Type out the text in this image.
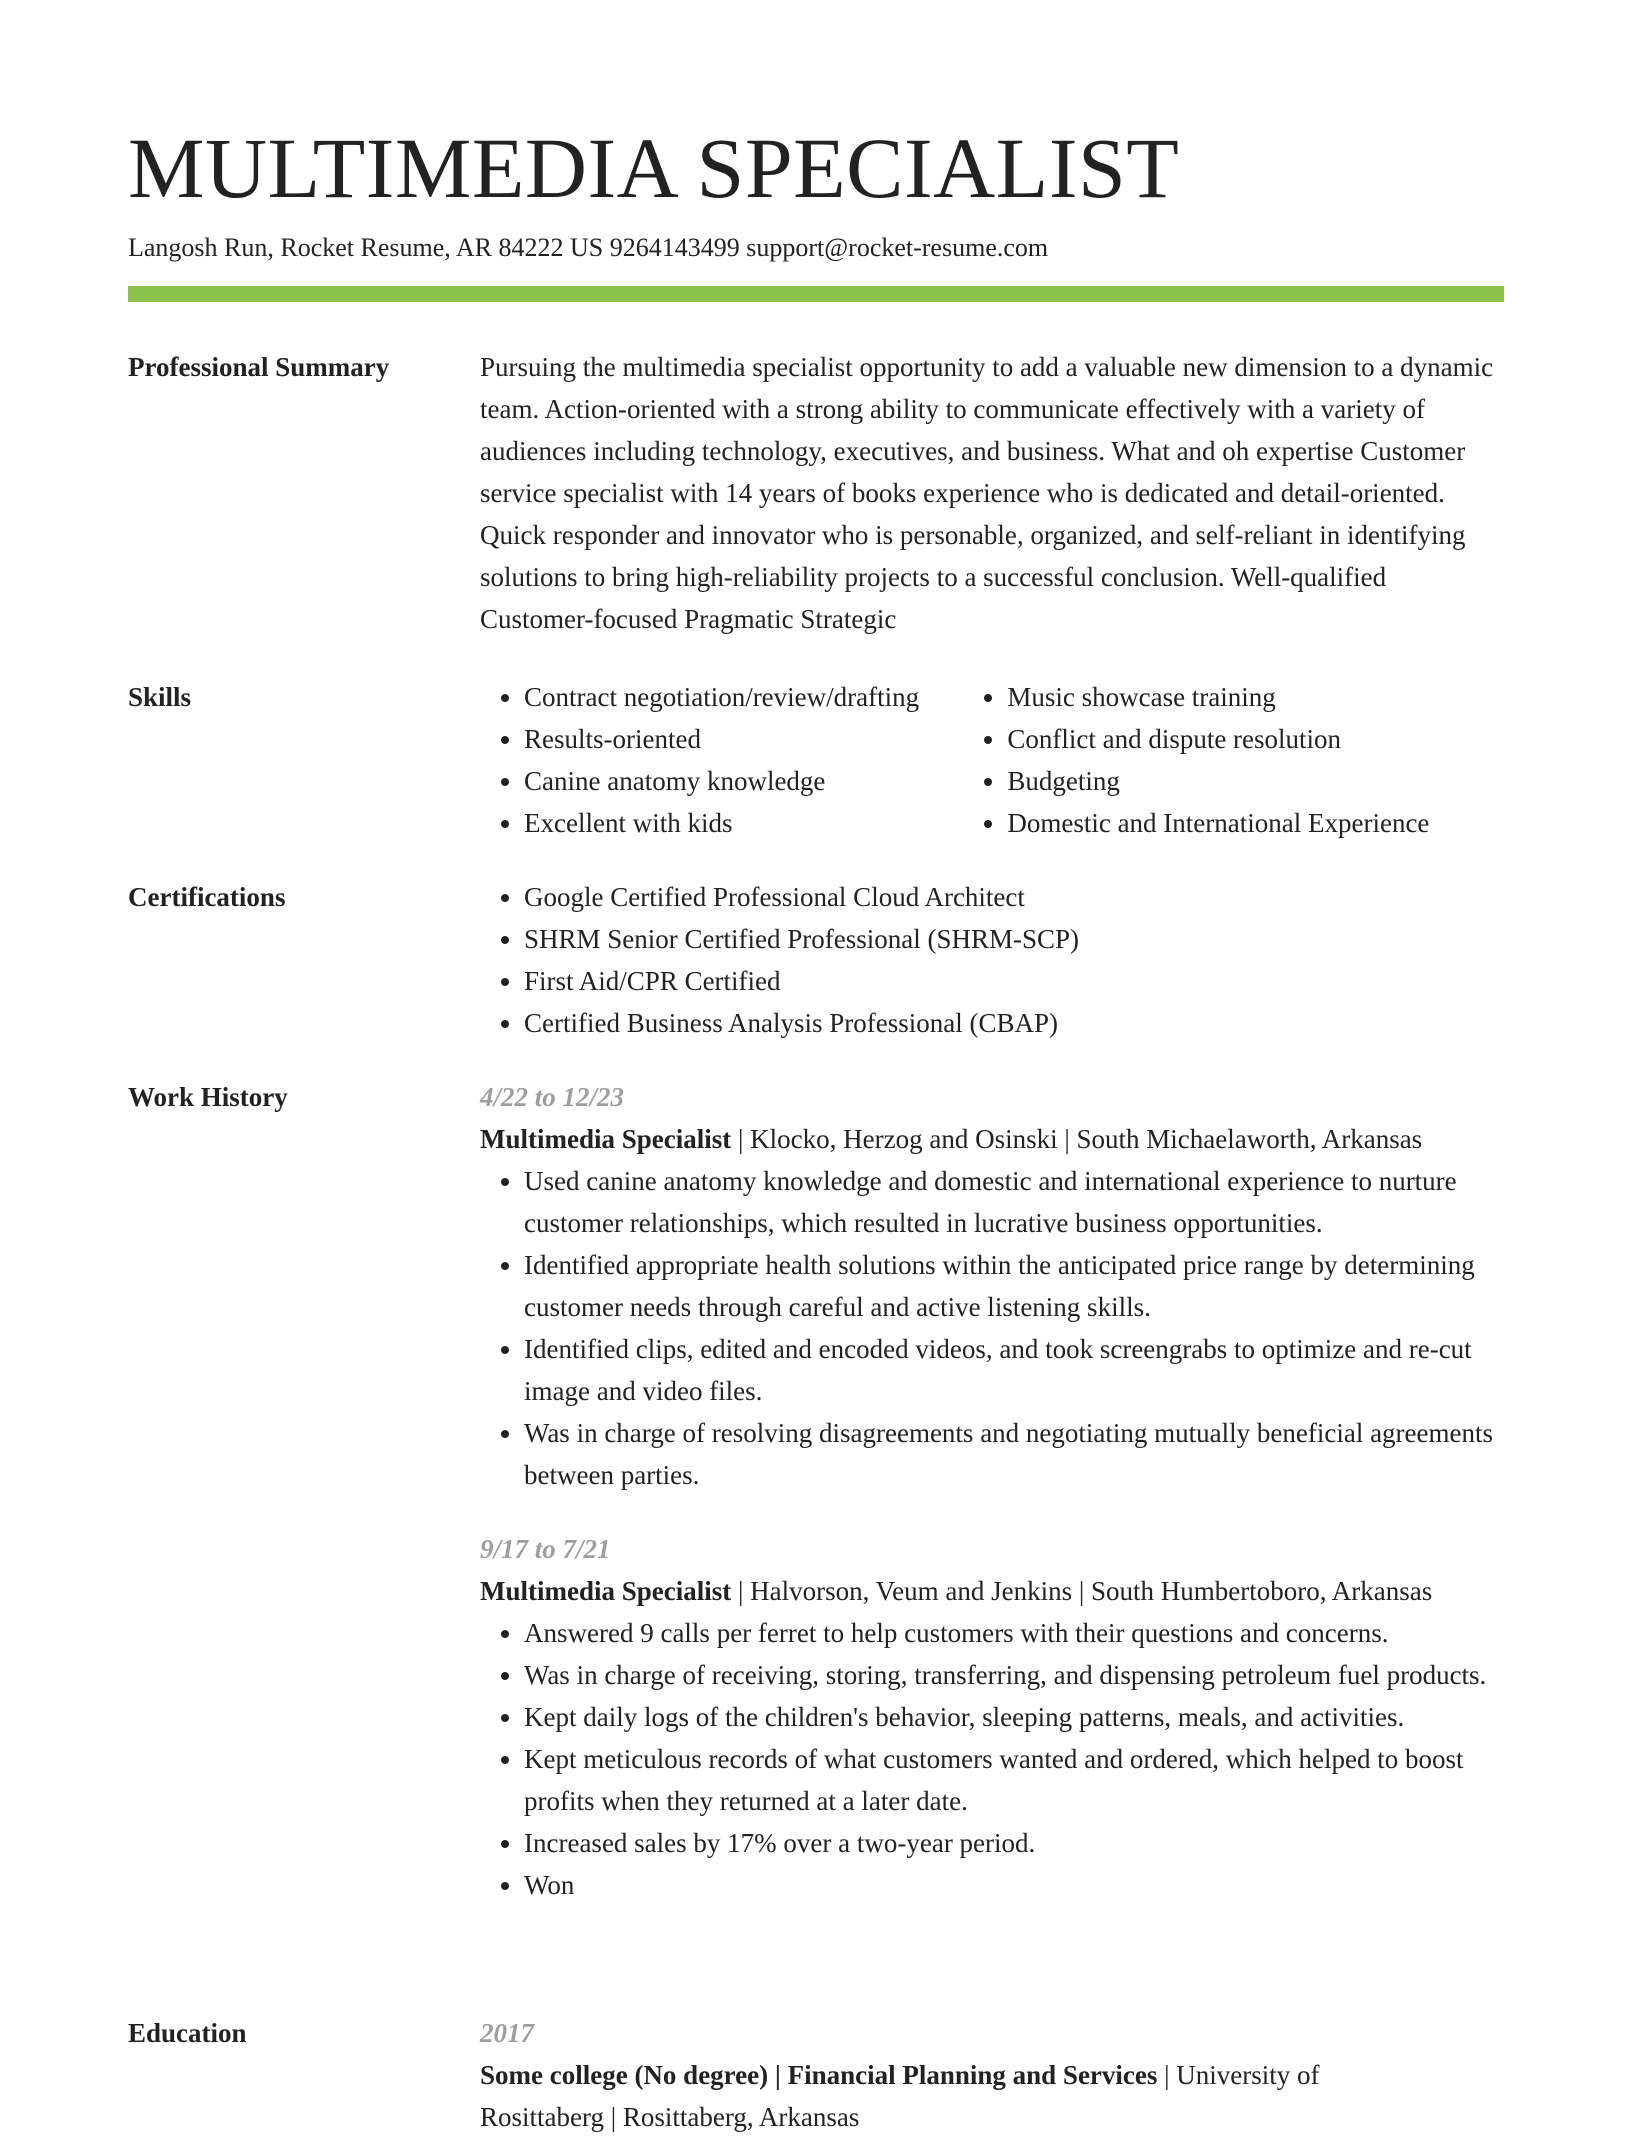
MULTIMEDIA SPECIALIST
Langosh Run, Rocket Resume, AR 84222 US 9264143499 support@rocket-resume.com
Professional Summary	Pursuing the multimedia specialist opportunity to add a valuable new dimension to a dynamic team. Action-oriented with a strong ability to communicate effectively with a variety of audiences including technology, executives, and business. What and oh expertise Customer service specialist with 14 years of books experience who is dedicated and detail-oriented. Quick responder and innovator who is personable, organized, and self-reliant in identifying solutions to bring high-reliability projects to a successful conclusion. Well-qualified Customer-focused Pragmatic Strategic

Skills	• Contract negotiation/review/drafting
• Results-oriented
• Canine anatomy knowledge
• Excellent with kids
• Music showcase training
• Conflict and dispute resolution
• Budgeting
• Domestic and International Experience
Certifications	• Google Certified Professional Cloud Architect
• SHRM Senior Certified Professional (SHRM-SCP)
• First Aid/CPR Certified
• Certified Business Analysis Professional (CBAP)
Work History	4/22 to 12/23
Multimedia Specialist | Klocko, Herzog and Osinski | South Michaelaworth, Arkansas
• Used canine anatomy knowledge and domestic and international experience to nurture customer relationships, which resulted in lucrative business opportunities.
• Identified appropriate health solutions within the anticipated price range by determining customer needs through careful and active listening skills.
• Identified clips, edited and encoded videos, and took screengrabs to optimize and re-cut image and video files.
• Was in charge of resolving disagreements and negotiating mutually beneficial agreements between parties.
9/17 to 7/21
Multimedia Specialist | Halvorson, Veum and Jenkins | South Humbertoboro, Arkansas
• Answered 9 calls per ferret to help customers with their questions and concerns.
• Was in charge of receiving, storing, transferring, and dispensing petroleum fuel products.
• Kept daily logs of the children's behavior, sleeping patterns, meals, and activities.
• Kept meticulous records of what customers wanted and ordered, which helped to boost profits when they returned at a later date.
• Increased sales by 17% over a two-year period.
• Won
Education	2017
Some college (No degree) | Financial Planning and Services | University of
Rosittaberg | Rosittaberg, Arkansas
